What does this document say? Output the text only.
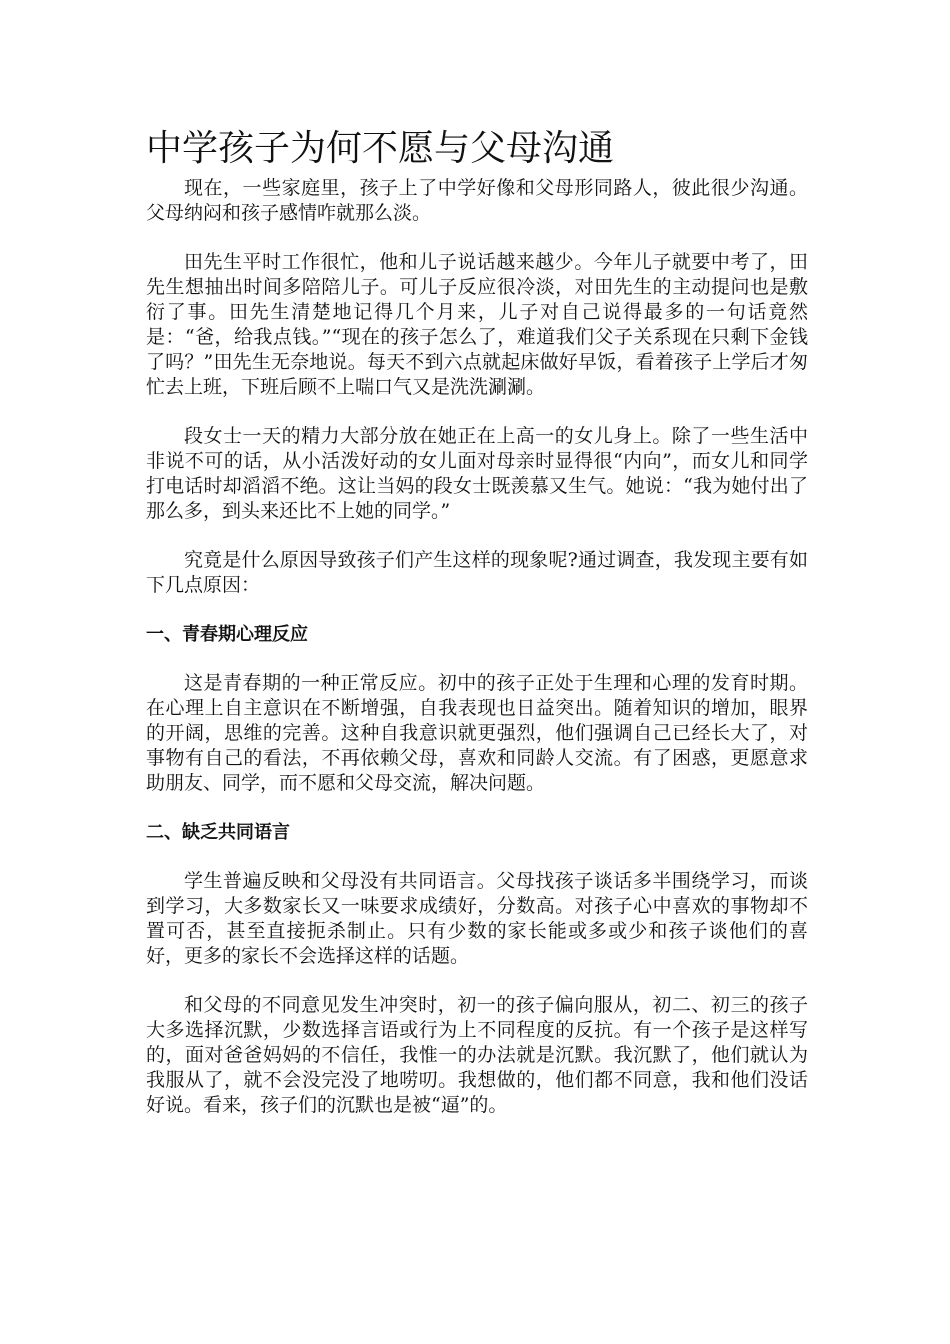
中学孩子为何不愿与父母沟通

现在，一些家庭里，孩子上了中学好像和父母形同路人，彼此很少沟通。父母纳闷和孩子感情咋就那么淡。

田先生平时工作很忙，他和儿子说话越来越少。今年儿子就要中考了，田先生想抽出时间多陪陪儿子。可儿子反应很冷淡，对田先生的主动提问也是敷衍了事。田先生清楚地记得几个月来，儿子对自己说得最多的一句话竟然是：“爸，给我点钱。”“现在的孩子怎么了，难道我们父子关系现在只剩下金钱了吗？”田先生无奈地说。每天不到六点就起床做好早饭，看着孩子上学后才匆忙去上班，下班后顾不上喘口气又是洗洗涮涮。

段女士一天的精力大部分放在她正在上高一的女儿身上。除了一些生活中非说不可的话，从小活泼好动的女儿面对母亲时显得很“内向”，而女儿和同学打电话时却滔滔不绝。这让当妈的段女士既羡慕又生气。她说：“我为她付出了那么多，到头来还比不上她的同学。”

究竟是什么原因导致孩子们产生这样的现象呢?通过调查，我发现主要有如下几点原因：

一、青春期心理反应

这是青春期的一种正常反应。初中的孩子正处于生理和心理的发育时期。在心理上自主意识在不断增强，自我表现也日益突出。随着知识的增加，眼界的开阔，思维的完善。这种自我意识就更强烈，他们强调自己已经长大了，对事物有自己的看法，不再依赖父母，喜欢和同龄人交流。有了困惑，更愿意求助朋友、同学，而不愿和父母交流，解决问题。

二、缺乏共同语言

学生普遍反映和父母没有共同语言。父母找孩子谈话多半围绕学习，而谈到学习，大多数家长又一味要求成绩好，分数高。对孩子心中喜欢的事物却不置可否，甚至直接扼杀制止。只有少数的家长能或多或少和孩子谈他们的喜好，更多的家长不会选择这样的话题。

和父母的不同意见发生冲突时，初一的孩子偏向服从，初二、初三的孩子大多选择沉默，少数选择言语或行为上不同程度的反抗。有一个孩子是这样写的，面对爸爸妈妈的不信任，我惟一的办法就是沉默。我沉默了，他们就认为我服从了，就不会没完没了地唠叨。我想做的，他们都不同意，我和他们没话好说。看来，孩子们的沉默也是被“逼”的。
